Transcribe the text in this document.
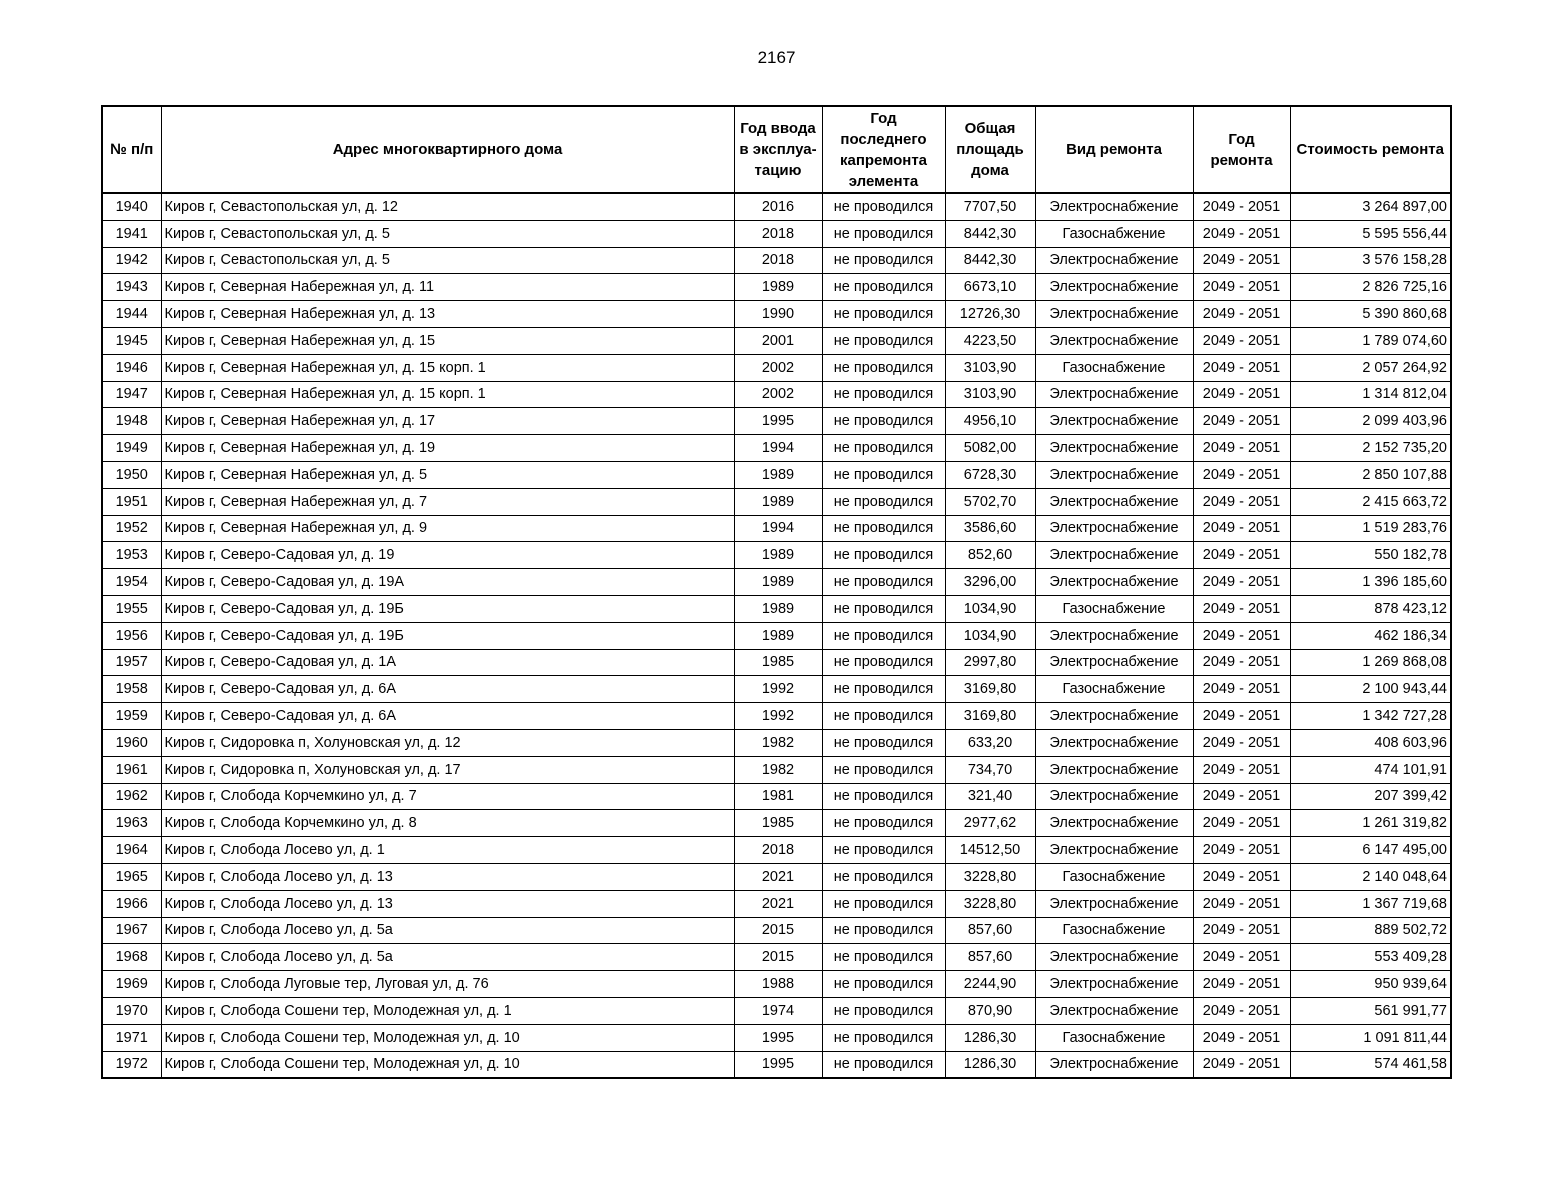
2167
№ п/п	Адрес многоквартирного дома	Год ввода в эксплуа-тацию	Год последнего капремонта элемента	Общая площадь дома	Вид ремонта	Год ремонта	Стоимость ремонта
1940	Киров г, Севастопольская ул, д. 12	2016	не проводился	7707,50	Электроснабжение	2049 - 2051	3 264 897,00
1941	Киров г, Севастопольская ул, д. 5	2018	не проводился	8442,30	Газоснабжение	2049 - 2051	5 595 556,44
1942	Киров г, Севастопольская ул, д. 5	2018	не проводился	8442,30	Электроснабжение	2049 - 2051	3 576 158,28
1943	Киров г, Северная Набережная ул, д. 11	1989	не проводился	6673,10	Электроснабжение	2049 - 2051	2 826 725,16
1944	Киров г, Северная Набережная ул, д. 13	1990	не проводился	12726,30	Электроснабжение	2049 - 2051	5 390 860,68
1945	Киров г, Северная Набережная ул, д. 15	2001	не проводился	4223,50	Электроснабжение	2049 - 2051	1 789 074,60
1946	Киров г, Северная Набережная ул, д. 15 корп. 1	2002	не проводился	3103,90	Газоснабжение	2049 - 2051	2 057 264,92
1947	Киров г, Северная Набережная ул, д. 15 корп. 1	2002	не проводился	3103,90	Электроснабжение	2049 - 2051	1 314 812,04
1948	Киров г, Северная Набережная ул, д. 17	1995	не проводился	4956,10	Электроснабжение	2049 - 2051	2 099 403,96
1949	Киров г, Северная Набережная ул, д. 19	1994	не проводился	5082,00	Электроснабжение	2049 - 2051	2 152 735,20
1950	Киров г, Северная Набережная ул, д. 5	1989	не проводился	6728,30	Электроснабжение	2049 - 2051	2 850 107,88
1951	Киров г, Северная Набережная ул, д. 7	1989	не проводился	5702,70	Электроснабжение	2049 - 2051	2 415 663,72
1952	Киров г, Северная Набережная ул, д. 9	1994	не проводился	3586,60	Электроснабжение	2049 - 2051	1 519 283,76
1953	Киров г, Северо-Садовая ул, д. 19	1989	не проводился	852,60	Электроснабжение	2049 - 2051	550 182,78
1954	Киров г, Северо-Садовая ул, д. 19А	1989	не проводился	3296,00	Электроснабжение	2049 - 2051	1 396 185,60
1955	Киров г, Северо-Садовая ул, д. 19Б	1989	не проводился	1034,90	Газоснабжение	2049 - 2051	878 423,12
1956	Киров г, Северо-Садовая ул, д. 19Б	1989	не проводился	1034,90	Электроснабжение	2049 - 2051	462 186,34
1957	Киров г, Северо-Садовая ул, д. 1А	1985	не проводился	2997,80	Электроснабжение	2049 - 2051	1 269 868,08
1958	Киров г, Северо-Садовая ул, д. 6А	1992	не проводился	3169,80	Газоснабжение	2049 - 2051	2 100 943,44
1959	Киров г, Северо-Садовая ул, д. 6А	1992	не проводился	3169,80	Электроснабжение	2049 - 2051	1 342 727,28
1960	Киров г, Сидоровка п, Холуновская ул, д. 12	1982	не проводился	633,20	Электроснабжение	2049 - 2051	408 603,96
1961	Киров г, Сидоровка п, Холуновская ул, д. 17	1982	не проводился	734,70	Электроснабжение	2049 - 2051	474 101,91
1962	Киров г, Слобода Корчемкино ул, д. 7	1981	не проводился	321,40	Электроснабжение	2049 - 2051	207 399,42
1963	Киров г, Слобода Корчемкино ул, д. 8	1985	не проводился	2977,62	Электроснабжение	2049 - 2051	1 261 319,82
1964	Киров г, Слобода Лосево ул, д. 1	2018	не проводился	14512,50	Электроснабжение	2049 - 2051	6 147 495,00
1965	Киров г, Слобода Лосево ул, д. 13	2021	не проводился	3228,80	Газоснабжение	2049 - 2051	2 140 048,64
1966	Киров г, Слобода Лосево ул, д. 13	2021	не проводился	3228,80	Электроснабжение	2049 - 2051	1 367 719,68
1967	Киров г, Слобода Лосево ул, д. 5а	2015	не проводился	857,60	Газоснабжение	2049 - 2051	889 502,72
1968	Киров г, Слобода Лосево ул, д. 5а	2015	не проводился	857,60	Электроснабжение	2049 - 2051	553 409,28
1969	Киров г, Слобода Луговые тер, Луговая ул, д. 76	1988	не проводился	2244,90	Электроснабжение	2049 - 2051	950 939,64
1970	Киров г, Слобода Сошени тер, Молодежная ул, д. 1	1974	не проводился	870,90	Электроснабжение	2049 - 2051	561 991,77
1971	Киров г, Слобода Сошени тер, Молодежная ул, д. 10	1995	не проводился	1286,30	Газоснабжение	2049 - 2051	1 091 811,44
1972	Киров г, Слобода Сошени тер, Молодежная ул, д. 10	1995	не проводился	1286,30	Электроснабжение	2049 - 2051	574 461,58
